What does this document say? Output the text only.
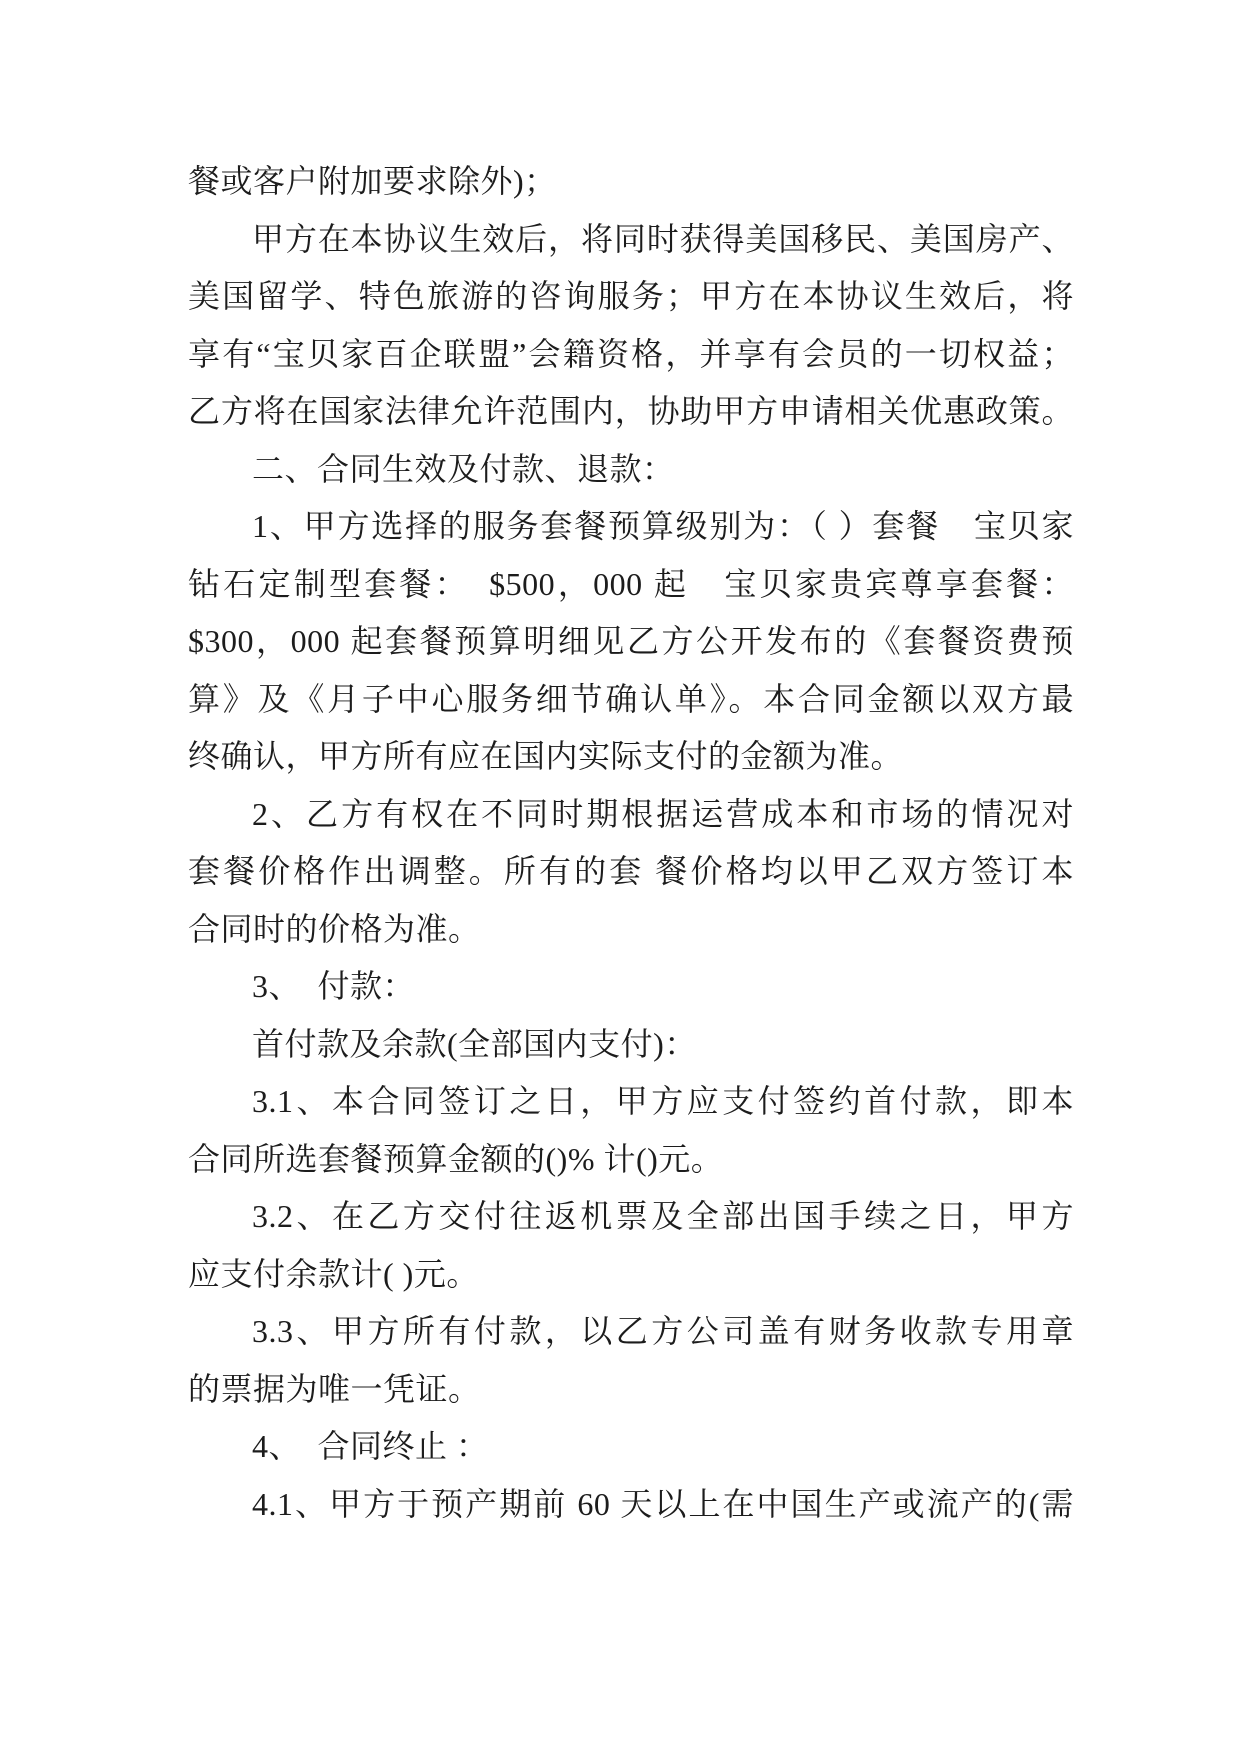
餐或客户附加要求除外)；
甲方在本协议生效后，将同时获得美国移民、美国房产、
美国留学、特色旅游的咨询服务；甲方在本协议生效后，将
享有“宝贝家百企联盟”会籍资格，并享有会员的一切权益；
乙方将在国家法律允许范围内，协助甲方申请相关优惠政策。
二、合同生效及付款、退款：
1、甲方选择的服务套餐预算级别为：（ ）套餐　宝贝家
钻石定制型套餐：　$500，000 起　宝贝家贵宾尊享套餐：
$300，000 起套餐预算明细见乙方公开发布的《套餐资费预
算》及《月子中心服务细节确认单》。本合同金额以双方最
终确认，甲方所有应在国内实际支付的金额为准。
2、乙方有权在不同时期根据运营成本和市场的情况对
套餐价格作出调整。所有的套 餐价格均以甲乙双方签订本
合同时的价格为准。
3、　付款：
首付款及余款(全部国内支付)：
3.1、本合同签订之日，甲方应支付签约首付款，即本
合同所选套餐预算金额的()% 计()元。
3.2、在乙方交付往返机票及全部出国手续之日，甲方
应支付余款计( )元。
3.3、甲方所有付款，以乙方公司盖有财务收款专用章
的票据为唯一凭证。
4、　合同终止 ：
4.1、甲方于预产期前 60 天以上在中国生产或流产的(需
